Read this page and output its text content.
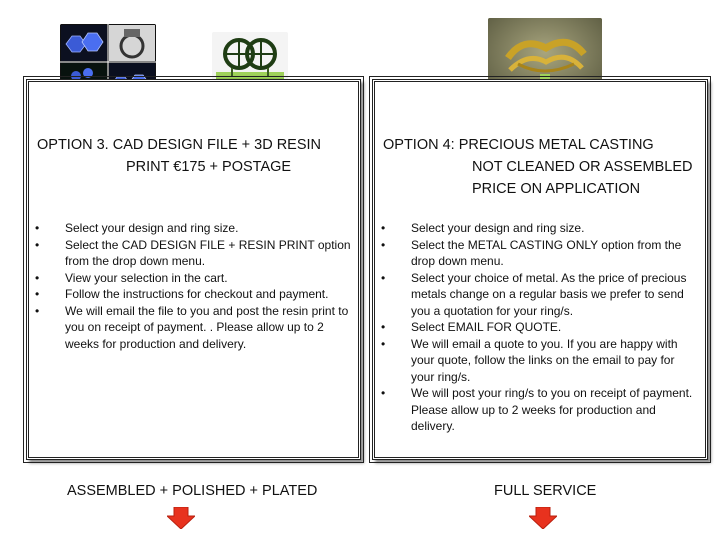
OPTION 3. CAD DESIGN FILE + 3D RESIN
PRINT €175 + POSTAGE
• Select your design and ring size.
• Select the CAD DESIGN FILE + RESIN PRINT option from the drop down menu.
• View your selection in the cart.
• Follow the instructions for checkout and payment.
• We will email the file to you and post the resin print to you on receipt of payment. . Please allow up to 2 weeks for production and delivery.
OPTION 4: PRECIOUS METAL CASTING
NOT CLEANED OR ASSEMBLED
PRICE ON APPLICATION
• Select your design and ring size.
• Select the METAL CASTING ONLY option from the drop down menu.
• Select your choice of metal. As the price of precious metals change on a regular basis we prefer to send you a quotation for your ring/s.
• Select EMAIL FOR QUOTE.
• We will email a quote to you. If you are happy with your quote, follow the links on the email to pay for your ring/s.
• We will post your ring/s to you on receipt of payment. Please allow up to 2 weeks for production and delivery.
ASSEMBLED + POLISHED + PLATED	FULL SERVICE
